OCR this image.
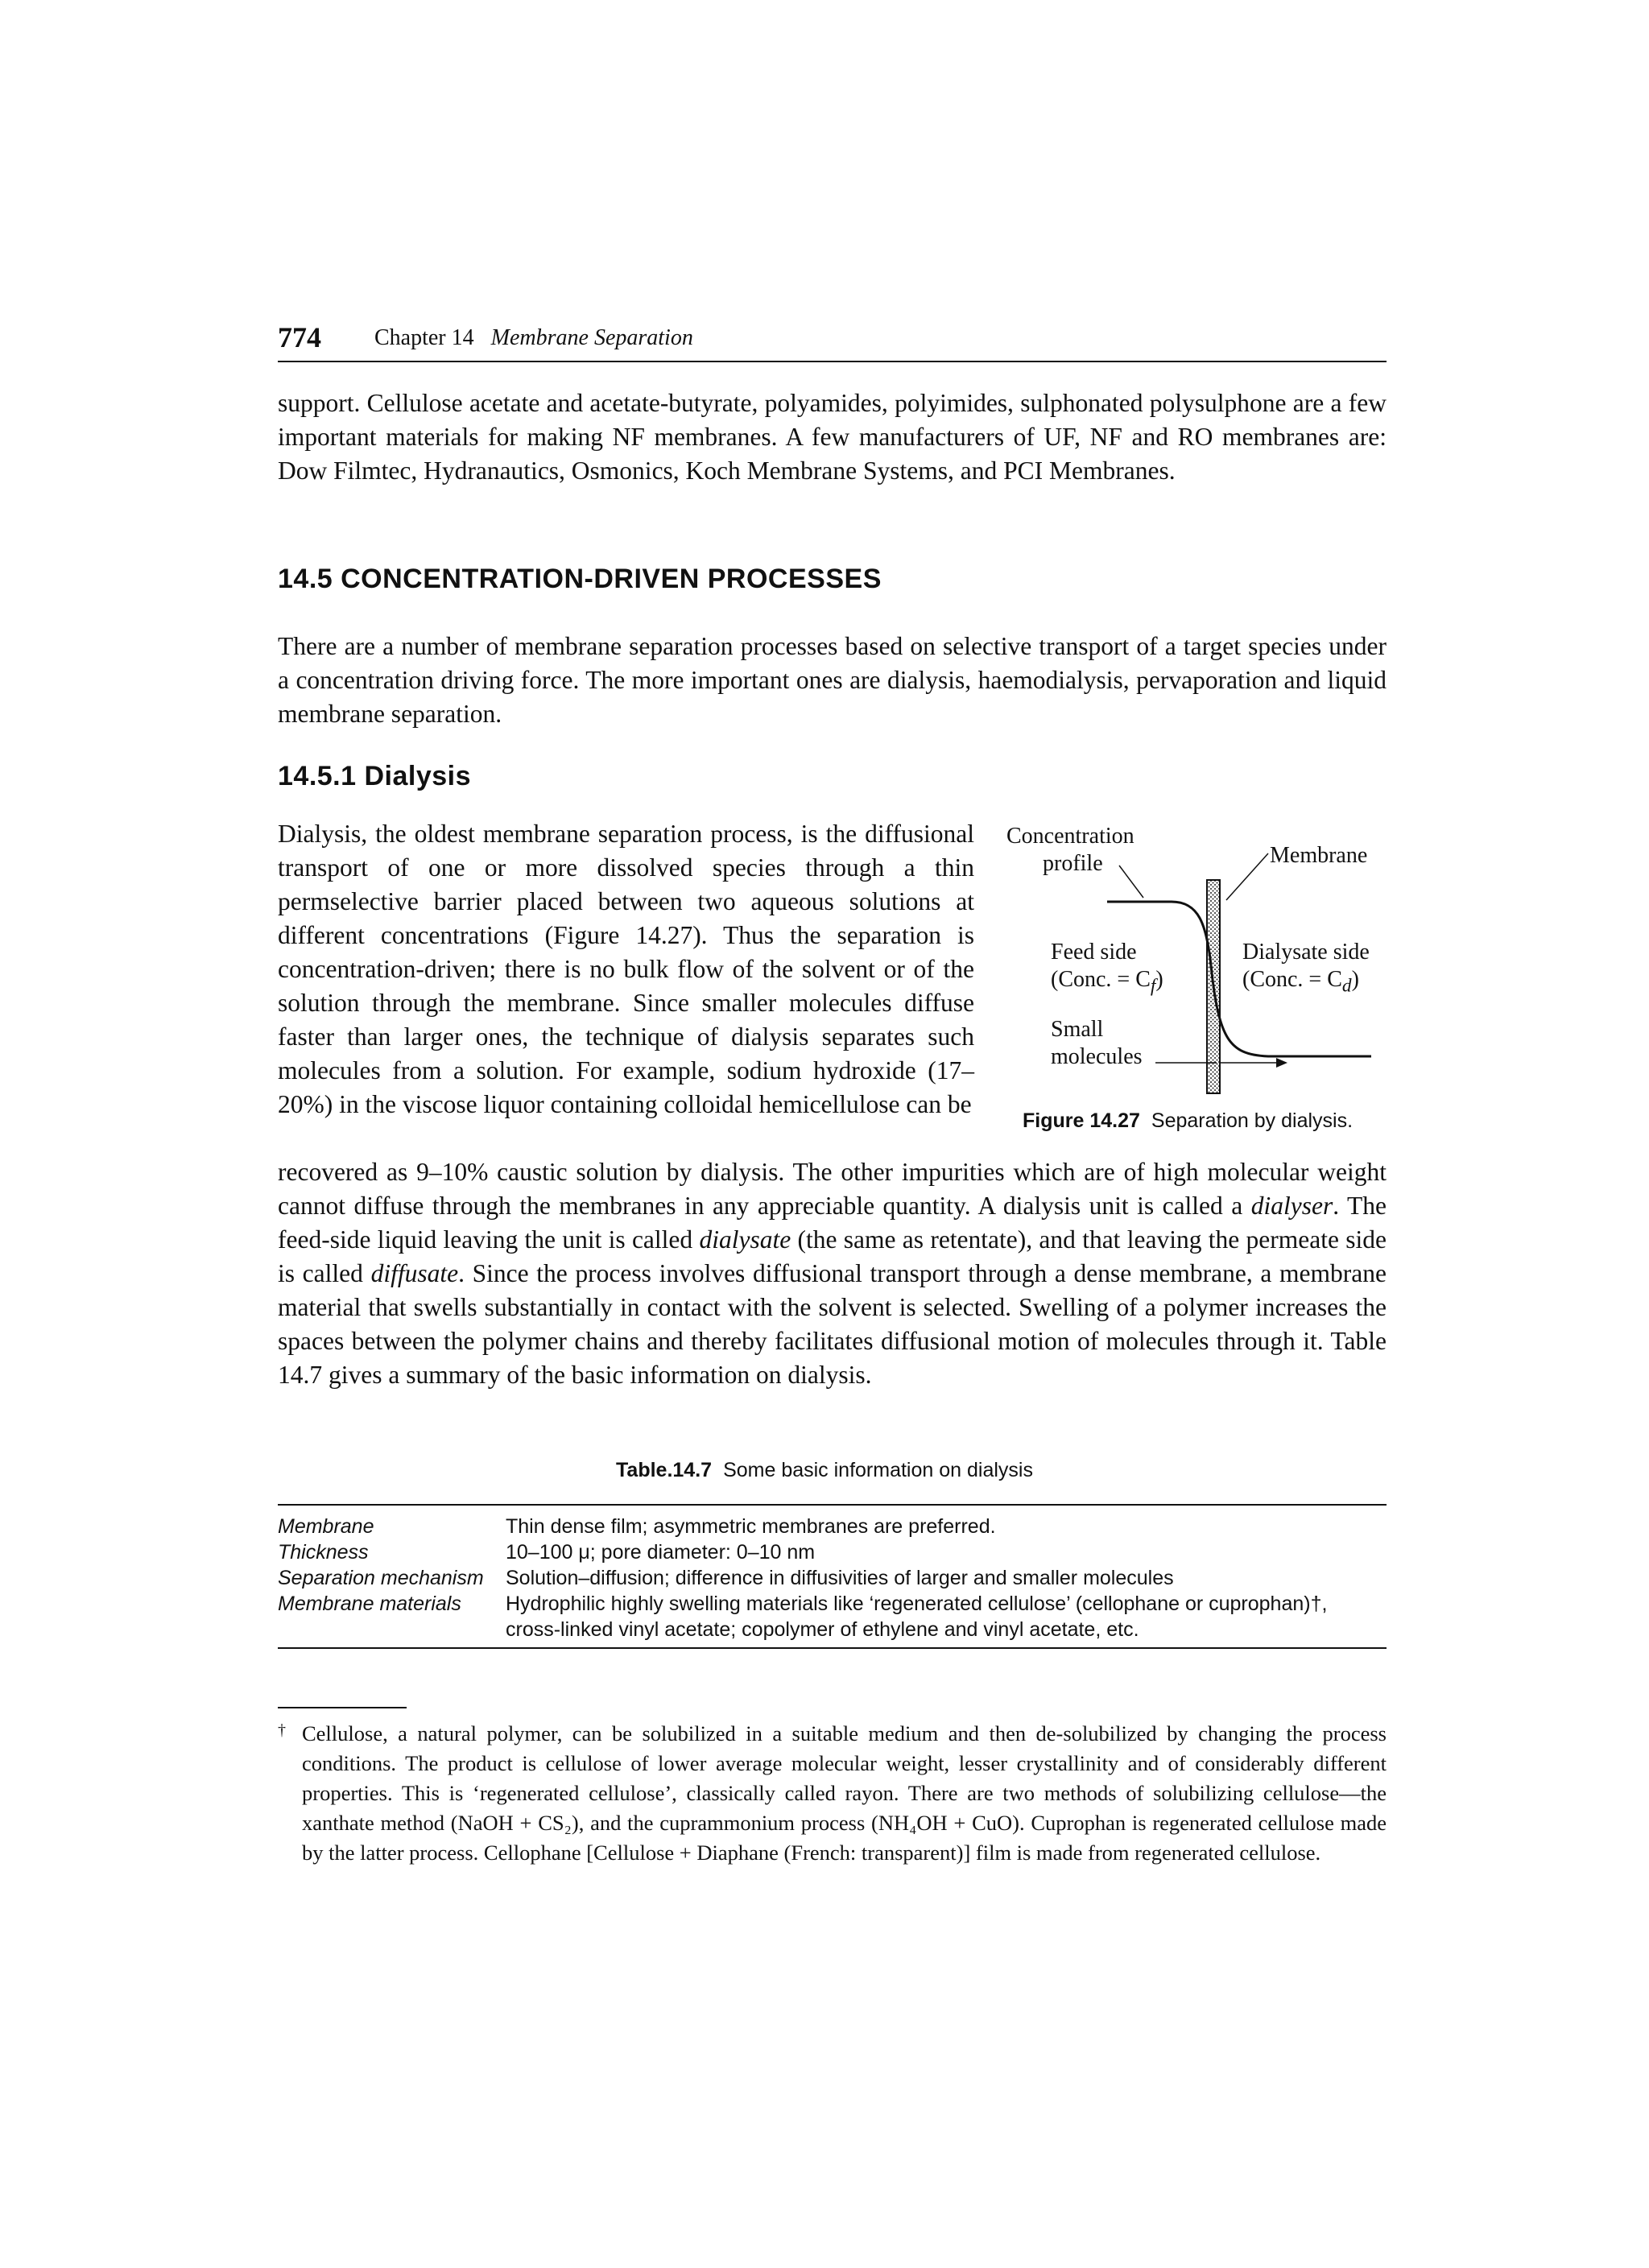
774 Chapter 14 Membrane Separation

support. Cellulose acetate and acetate-butyrate, polyamides, polyimides, sulphonated polysulphone are a few important materials for making NF membranes. A few manufacturers of UF, NF and RO membranes are: Dow Filmtec, Hydranautics, Osmonics, Koch Membrane Systems, and PCI Membranes.

14.5 CONCENTRATION-DRIVEN PROCESSES

There are a number of membrane separation processes based on selective transport of a target species under a concentration driving force. The more important ones are dialysis, haemodialysis, pervaporation and liquid membrane separation.

14.5.1 Dialysis

Dialysis, the oldest membrane separation process, is the diffusional transport of one or more dissolved species through a thin permselective barrier placed between two aqueous solutions at different concentrations (Figure 14.27). Thus the separation is concentration-driven; there is no bulk flow of the solvent or of the solution through the membrane. Since smaller molecules diffuse faster than larger ones, the technique of dialysis separates such molecules from a solution. For example, sodium hydroxide (17–20%) in the viscose liquor containing colloidal hemicellulose can be

Concentration
profile	Membrane
Feed side
(Conc. = $C_f$)
Dialysate side
(Conc. = $C_d$)
Small
molecules
Figure 14.27 Separation by dialysis.

recovered as 9–10% caustic solution by dialysis. The other impurities which are of high molecular weight cannot diffuse through the membranes in any appreciable quantity. A dialysis unit is called a dialyser. The feed-side liquid leaving the unit is called dialysate (the same as retentate), and that leaving the permeate side is called diffusate. Since the process involves diffusional transport through a dense membrane, a membrane material that swells substantially in contact with the solvent is selected. Swelling of a polymer increases the spaces between the polymer chains and thereby facilitates diffusional motion of molecules through it. Table 14.7 gives a summary of the basic information on dialysis.

Table.14.7 Some basic information on dialysis
Membrane	Thin dense film; asymmetric membranes are preferred.
Thickness	10–100 μ; pore diameter: 0–10 nm
Separation mechanism	Solution–diffusion; difference in diffusivities of larger and smaller molecules
Membrane materials	Hydrophilic highly swelling materials like ‘regenerated cellulose’ (cellophane or cuprophan)†, cross-linked vinyl acetate; copolymer of ethylene and vinyl acetate, etc.

† Cellulose, a natural polymer, can be solubilized in a suitable medium and then de-solubilized by changing the process conditions. The product is cellulose of lower average molecular weight, lesser crystallinity and of considerably different properties. This is ‘regenerated cellulose’, classically called rayon. There are two methods of solubilizing cellulose—the xanthate method (NaOH + CS₂), and the cuprammonium process (NH₄OH + CuO). Cuprophan is regenerated cellulose made by the latter process. Cellophane [Cellulose + Diaphane (French: transparent)] film is made from regenerated cellulose.
